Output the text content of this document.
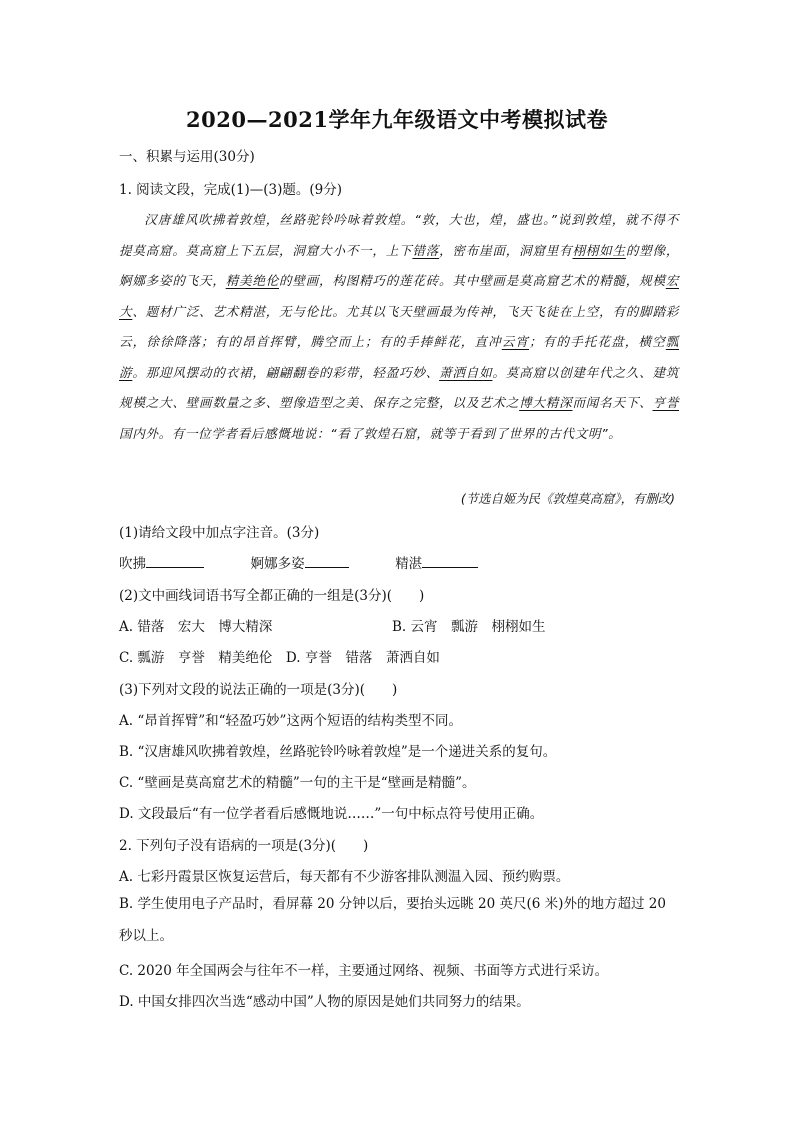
2020—2021学年九年级语文中考模拟试卷
一、积累与运用(30分)
1. 阅读文段，完成(1)—(3)题。(9分)
汉唐雄风吹拂着敦煌，丝路驼铃吟咏着敦煌。“敦，大也，煌，盛也。”说到敦煌，就不得不提莫高窟。莫高窟上下五层，洞窟大小不一，上下错落，密布崖面，洞窟里有栩栩如生的塑像，婀娜多姿的飞天，精美绝伦的壁画，构图精巧的莲花砖。其中壁画是莫高窟艺术的精髓，规模宏大、题材广泛、艺术精湛，无与伦比。尤其以飞天壁画最为传神，飞天飞徒在上空，有的脚踏彩云，徐徐降落；有的昂首挥臂，腾空而上；有的手捧鲜花，直冲云宵；有的手托花盘，横空瓢游。那迎风摆动的衣裙，翩翩翻卷的彩带，轻盈巧妙、萧洒自如。莫高窟以创建年代之久、建筑规模之大、壁画数量之多、塑像造型之美、保存之完整，以及艺术之博大精深而闻名天下、亨誉国内外。有一位学者看后感慨地说：“看了敦煌石窟，就等于看到了世界的古代文明”。
(节选自姬为民《敦煌莫高窟》，有删改)
(1)请给文段中加点字注音。(3分)
吹拂	婀娜多姿	精湛
(2)文中画线词语书写全都正确的一组是(3分)(　　)
A. 错落　宏大　博大精深	B. 云宵　瓢游　栩栩如生
C. 瓢游　亨誉　精美绝伦　D. 亨誉　错落　萧洒自如
(3)下列对文段的说法正确的一项是(3分)(　　)
A. “昂首挥臂”和“轻盈巧妙”这两个短语的结构类型不同。
B. “汉唐雄风吹拂着敦煌，丝路驼铃吟咏着敦煌”是一个递进关系的复句。
C. “壁画是莫高窟艺术的精髓”一句的主干是“壁画是精髓”。
D. 文段最后“有一位学者看后感慨地说……”一句中标点符号使用正确。
2. 下列句子没有语病的一项是(3分)(　　)
A. 七彩丹霞景区恢复运营后，每天都有不少游客排队测温入园、预约购票。
B. 学生使用电子产品时，看屏幕 20 分钟以后，要抬头远眺 20 英尺(6 米)外的地方超过 20 秒以上。
C. 2020 年全国两会与往年不一样，主要通过网络、视频、书面等方式进行采访。
D. 中国女排四次当选“感动中国”人物的原因是她们共同努力的结果。
